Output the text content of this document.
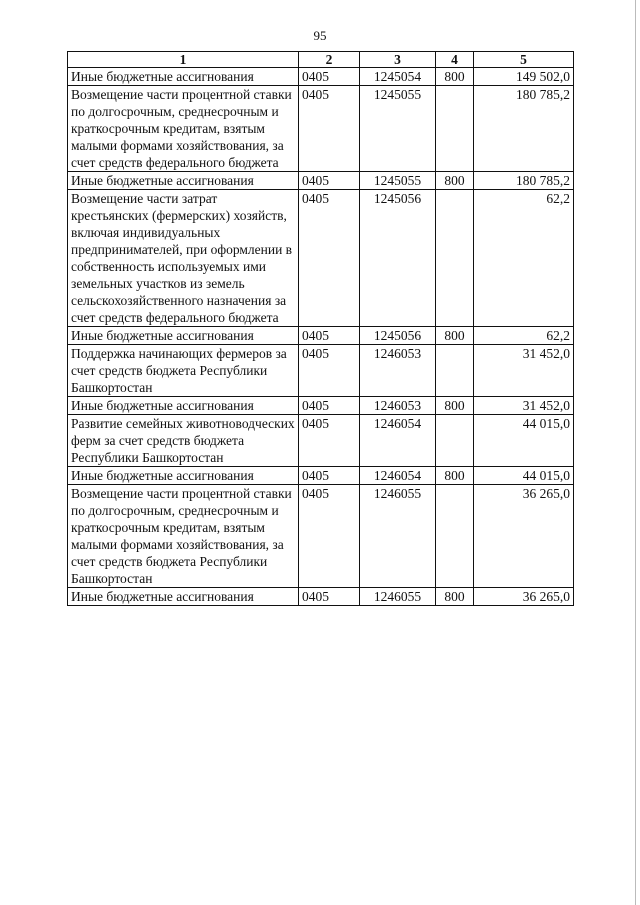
95
1	2	3	4	5
Иные бюджетные ассигнования	0405	1245054	800	149 502,0
Возмещение части процентной ставки по долгосрочным, среднесрочным и краткосрочным кредитам, взятым малыми формами хозяйствования, за счет средств федерального бюджета	0405	1245055		180 785,2
Иные бюджетные ассигнования	0405	1245055	800	180 785,2
Возмещение части затрат крестьянских (фермерских) хозяйств, включая индивидуальных предпринимателей, при оформлении в собственность используемых ими земельных участков из земель сельскохозяйственного назначения за счет средств федерального бюджета	0405	1245056		62,2
Иные бюджетные ассигнования	0405	1245056	800	62,2
Поддержка начинающих фермеров за счет средств бюджета Республики Башкортостан	0405	1246053		31 452,0
Иные бюджетные ассигнования	0405	1246053	800	31 452,0
Развитие семейных животноводческих ферм за счет средств бюджета Республики Башкортостан	0405	1246054		44 015,0
Иные бюджетные ассигнования	0405	1246054	800	44 015,0
Возмещение части процентной ставки по долгосрочным, среднесрочным и краткосрочным кредитам, взятым малыми формами хозяйствования, за счет средств бюджета Республики Башкортостан	0405	1246055		36 265,0
Иные бюджетные ассигнования	0405	1246055	800	36 265,0
